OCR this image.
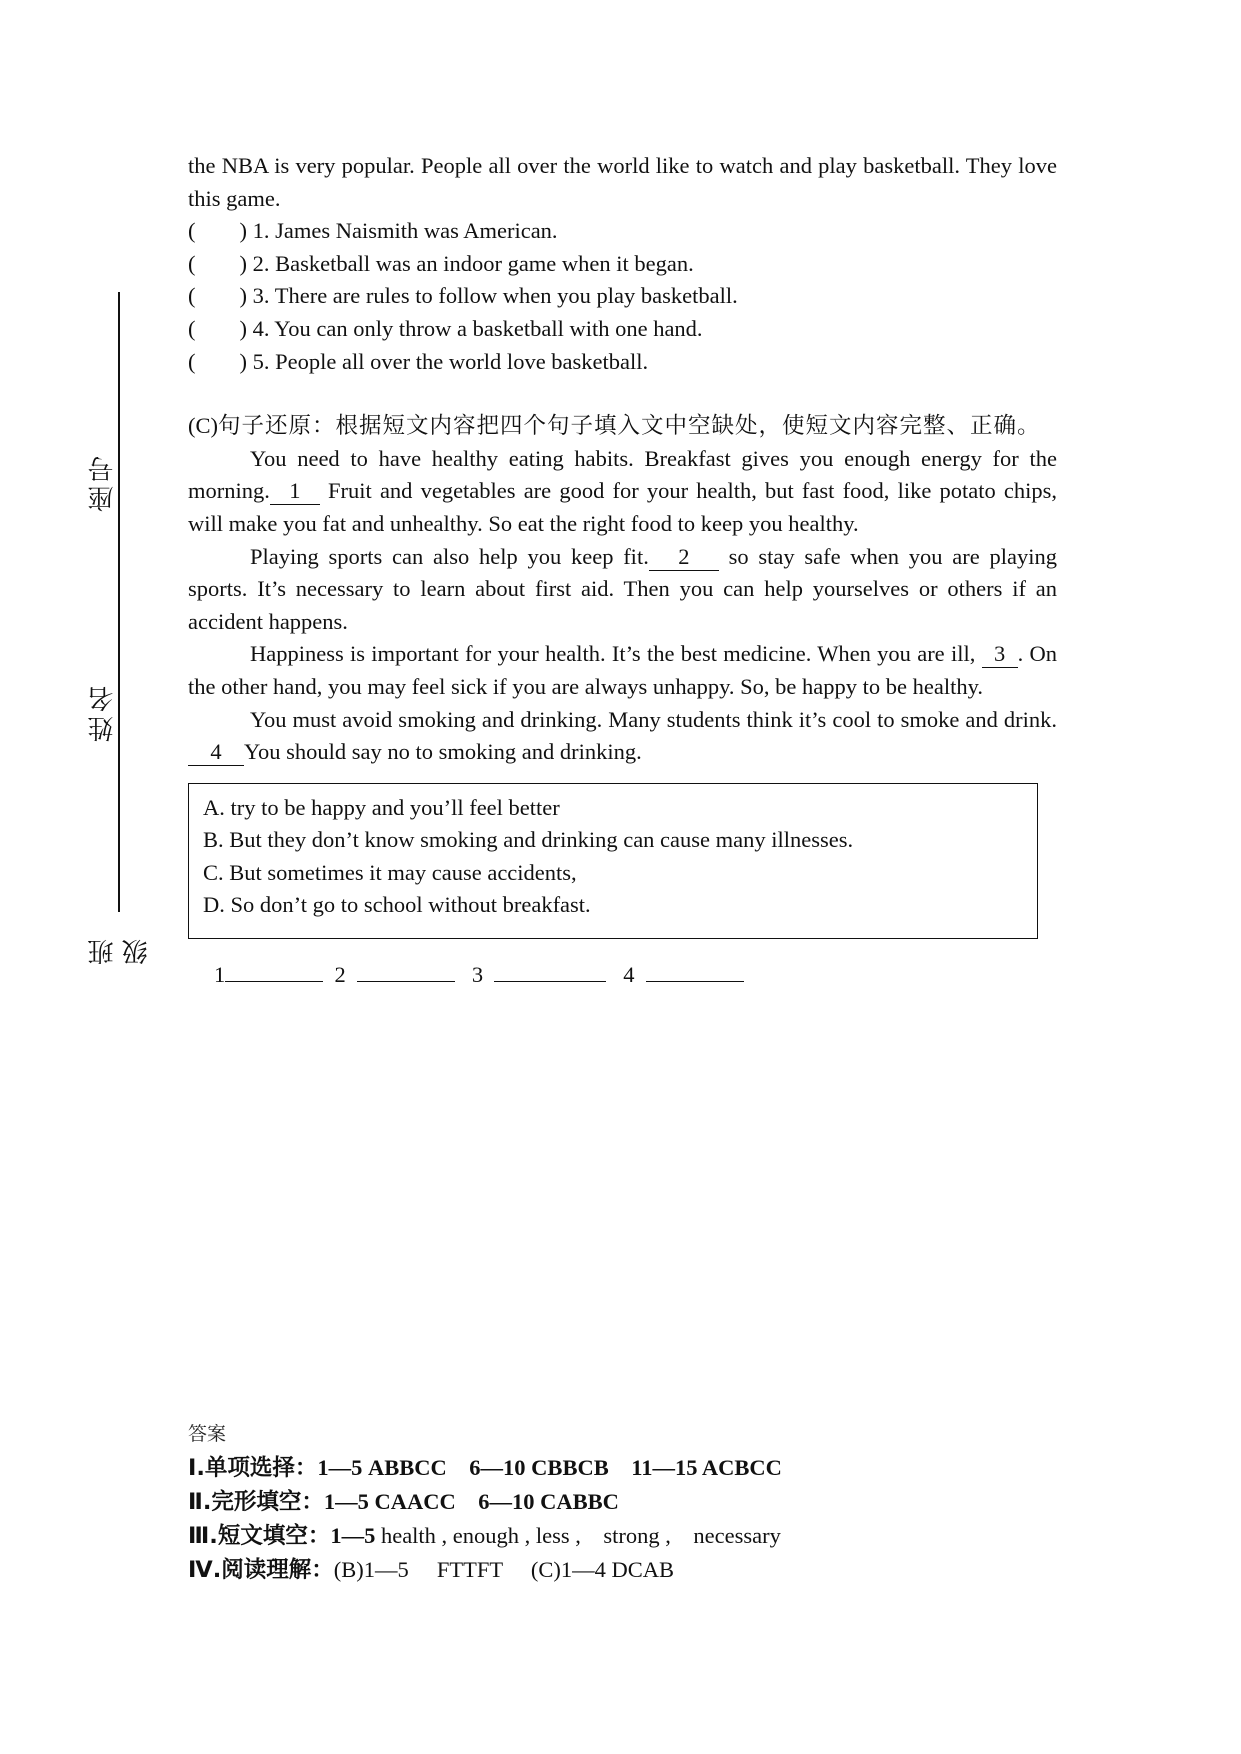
座号
姓名
班级

the NBA is very popular. People all over the world like to watch and play basketball. They love this game.

( ) 1. James Naismith was American.
( ) 2. Basketball was an indoor game when it began.
( ) 3. There are rules to follow when you play basketball.
( ) 4. You can only throw a basketball with one hand.
( ) 5. People all over the world love basketball.

(C)句子还原：根据短文内容把四个句子填入文中空缺处，使短文内容完整、正确。

You need to have healthy eating habits. Breakfast gives you enough energy for the morning. 1 Fruit and vegetables are good for your health, but fast food, like potato chips, will make you fat and unhealthy. So eat the right food to keep you healthy.

Playing sports can also help you keep fit. 2 so stay safe when you are playing sports. It’s necessary to learn about first aid. Then you can help yourselves or others if an accident happens.

Happiness is important for your health. It’s the best medicine. When you are ill, 3 . On the other hand, you may feel sick if you are always unhappy. So, be happy to be healthy.

You must avoid smoking and drinking. Many students think it’s cool to smoke and drink.4 You should say no to smoking and drinking.

A. try to be happy and you’ll feel better
B. But they don’t know smoking and drinking can cause many illnesses.
C. But sometimes it may cause accidents,
D. So don’t go to school without breakfast.
1	2	3	4
答案
Ⅰ.单项选择：1—5 ABBCC    6—10 CBBCB    11—15 ACBCC
Ⅱ.完形填空：1—5 CAACC    6—10 CABBC
Ⅲ.短文填空：1—5 health , enough , less ,    strong ,    necessary
Ⅳ.阅读理解：(B)1—5     FTTFT     (C)1—4 DCAB
